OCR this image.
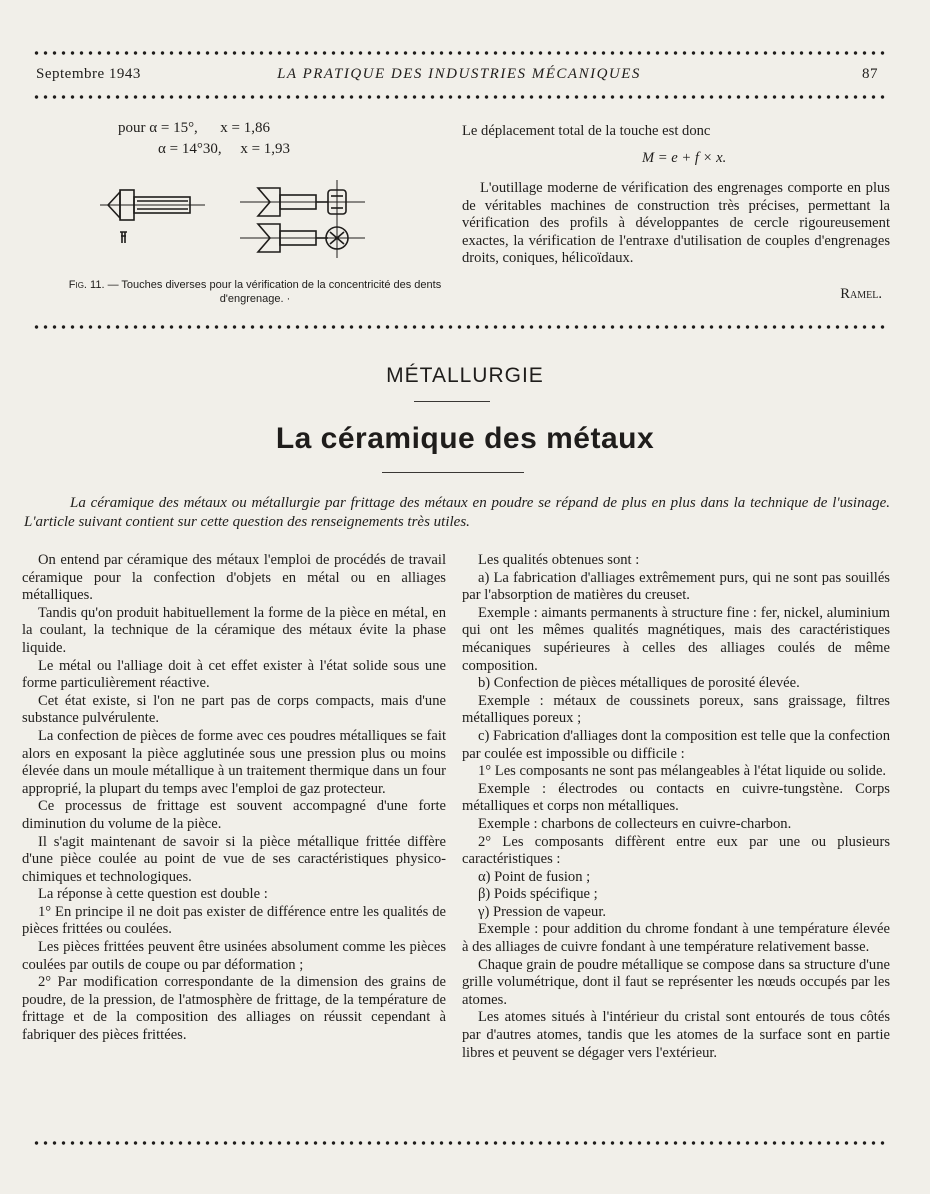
Septembre 1943	LA PRATIQUE DES INDUSTRIES MÉCANIQUES	87
pour α = 15°,      x = 1,86
α = 14°30,     x = 1,93
Fig. 11. — Touches diverses pour la vérification de la concentricité des dents d'engrenage. ·
Le déplacement total de la touche est donc
M = e + f × x.
L'outillage moderne de vérification des engrenages comporte en plus de véritables machines de construction très précises, permettant la vérification des profils à développantes de cercle rigoureusement exactes, la vérification de l'entraxe d'utilisation de couples d'engrenages droits, coniques, hélicoïdaux.
Ramel.
MÉTALLURGIE
La céramique des métaux
La céramique des métaux ou métallurgie par frittage des métaux en poudre se répand de plus en plus dans la technique de l'usinage. L'article suivant contient sur cette question des renseignements très utiles.

On entend par céramique des métaux l'emploi de procédés de travail céramique pour la confection d'objets en métal ou en alliages métalliques.

Tandis qu'on produit habituellement la forme de la pièce en métal, en la coulant, la technique de la céramique des métaux évite la phase liquide.

Le métal ou l'alliage doit à cet effet exister à l'état solide sous une forme particulièrement réactive.

Cet état existe, si l'on ne part pas de corps compacts, mais d'une substance pulvérulente.

La confection de pièces de forme avec ces poudres métalliques se fait alors en exposant la pièce agglutinée sous une pression plus ou moins élevée dans un moule métallique à un traitement thermique dans un four approprié, la plupart du temps avec l'emploi de gaz protecteur.

Ce processus de frittage est souvent accompagné d'une forte diminution du volume de la pièce.

Il s'agit maintenant de savoir si la pièce métallique frittée diffère d'une pièce coulée au point de vue de ses caractéristiques physico-chimiques et technologiques.

La réponse à cette question est double :

1° En principe il ne doit pas exister de différence entre les qualités de pièces frittées ou coulées.

Les pièces frittées peuvent être usinées absolument comme les pièces coulées par outils de coupe ou par déformation ;

2° Par modification correspondante de la dimension des grains de poudre, de la pression, de l'atmosphère de frittage, de la température de frittage et de la composition des alliages on réussit cependant à fabriquer des pièces frittées.

Les qualités obtenues sont :

a) La fabrication d'alliages extrêmement purs, qui ne sont pas souillés par l'absorption de matières du creuset.

Exemple : aimants permanents à structure fine : fer, nickel, aluminium qui ont les mêmes qualités magnétiques, mais des caractéristiques mécaniques supérieures à celles des alliages coulés de même composition.

b) Confection de pièces métalliques de porosité élevée.

Exemple : métaux de coussinets poreux, sans graissage, filtres métalliques poreux ;

c) Fabrication d'alliages dont la composition est telle que la confection par coulée est impossible ou difficile :

1° Les composants ne sont pas mélangeables à l'état liquide ou solide.

Exemple : électrodes ou contacts en cuivre-tungstène. Corps métalliques et corps non métalliques.

Exemple : charbons de collecteurs en cuivre-charbon.

2° Les composants diffèrent entre eux par une ou plusieurs caractéristiques :

α) Point de fusion ;

β) Poids spécifique ;

γ) Pression de vapeur.

Exemple : pour addition du chrome fondant à une température élevée à des alliages de cuivre fondant à une température relativement basse.

Chaque grain de poudre métallique se compose dans sa structure d'une grille volumétrique, dont il faut se représenter les nœuds occupés par les atomes.

Les atomes situés à l'intérieur du cristal sont entourés de tous côtés par d'autres atomes, tandis que les atomes de la surface sont en partie libres et peuvent se dégager vers l'extérieur.
